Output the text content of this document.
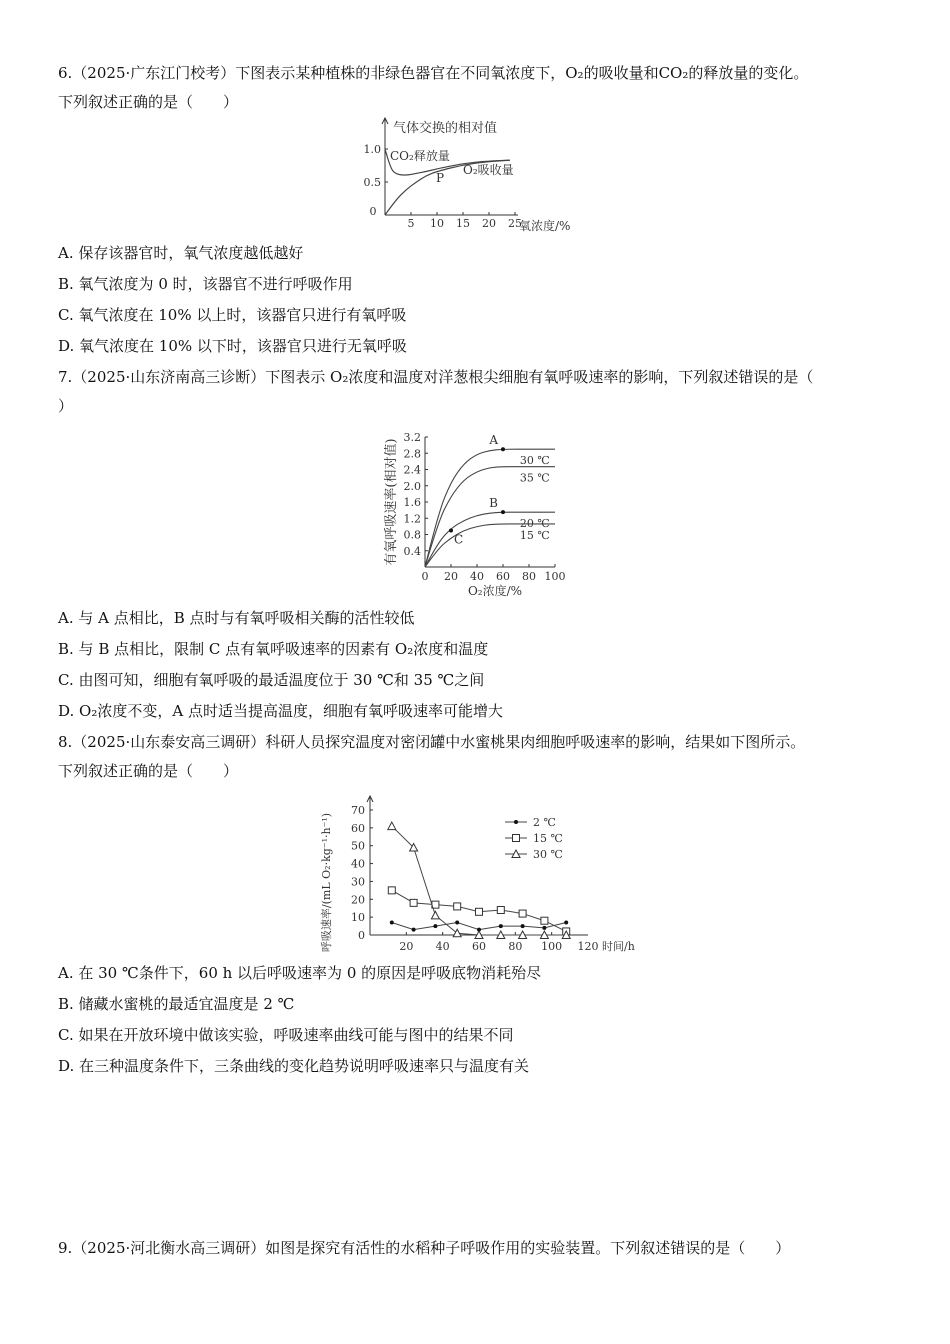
6.（2025·广东江门校考）下图表示某种植株的非绿色器官在不同氧浓度下，O₂的吸收量和CO₂的释放量的变化。
下列叙述正确的是（　　）
气体交换的相对值
氧浓度/%
0
5 10 15 20 25
0.5
1.0 CO₂释放量
O₂吸收量
P
A. 保存该器官时，氧气浓度越低越好
B. 氧气浓度为 0 时，该器官不进行呼吸作用
C. 氧气浓度在 10% 以上时，该器官只进行有氧呼吸
D. 氧气浓度在 10% 以下时，该器官只进行无氧呼吸
7.（2025·山东济南高三诊断）下图表示 O₂浓度和温度对洋葱根尖细胞有氧呼吸速率的影响，下列叙述错误的是（
）
有氧呼吸速率(相对值)
O₂浓度/%
0 20 40 60 80 100
0.4
0.8
1.2
1.6
2.0
2.4
2.8
3.2
30 ℃
35 ℃
20 ℃
15 ℃
A
B
C
A. 与 A 点相比，B 点时与有氧呼吸相关酶的活性较低
B. 与 B 点相比，限制 C 点有氧呼吸速率的因素有 O₂浓度和温度
C. 由图可知，细胞有氧呼吸的最适温度位于 30 ℃和 35 ℃之间
D. O₂浓度不变，A 点时适当提高温度，细胞有氧呼吸速率可能增大
8.（2025·山东泰安高三调研）科研人员探究温度对密闭罐中水蜜桃果肉细胞呼吸速率的影响，结果如下图所示。
下列叙述正确的是（　　）
呼吸速率/(mL O₂·kg⁻¹·h⁻¹)	20 40 60 80 100 120 时间/h
0
10
20
30
40
50
60
70
2 ℃
15 ℃
30 ℃
A. 在 30 ℃条件下，60 h 以后呼吸速率为 0 的原因是呼吸底物消耗殆尽
B. 储藏水蜜桃的最适宜温度是 2 ℃
C. 如果在开放环境中做该实验，呼吸速率曲线可能与图中的结果不同
D. 在三种温度条件下，三条曲线的变化趋势说明呼吸速率只与温度有关
9.（2025·河北衡水高三调研）如图是探究有活性的水稻种子呼吸作用的实验装置。下列叙述错误的是（　　）
